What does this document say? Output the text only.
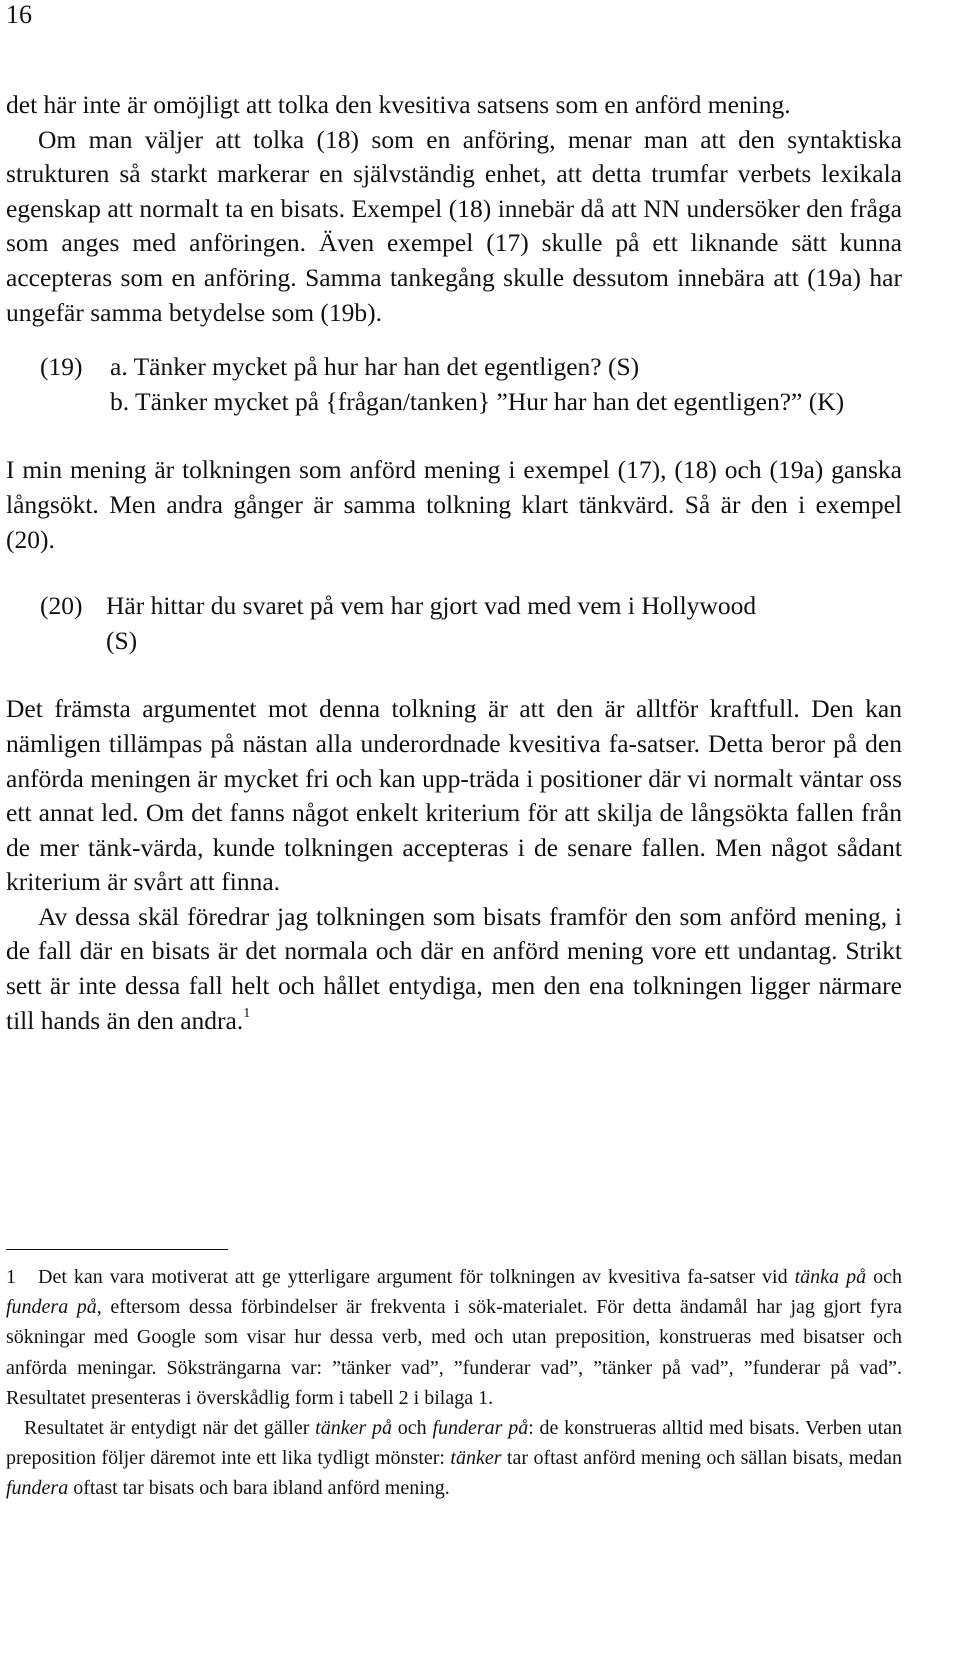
16

det här inte är omöjligt att tolka den kvesitiva satsens som en anförd mening.

Om man väljer att tolka (18) som en anföring, menar man att den syntaktiska strukturen så starkt markerar en självständig enhet, att detta trumfar verbets lexikala egenskap att normalt ta en bisats. Exempel (18) innebär då att NN undersöker den fråga som anges med anföringen. Även exempel (17) skulle på ett liknande sätt kunna accepteras som en anföring. Samma tankegång skulle dessutom innebära att (19a) har ungefär samma betydelse som (19b).

(19) a. Tänker mycket på hur har han det egentligen? (S)
b. Tänker mycket på {frågan/tanken} ”Hur har han det egentligen?” (K)

I min mening är tolkningen som anförd mening i exempel (17), (18) och (19a) ganska långsökt. Men andra gånger är samma tolkning klart tänkvärd. Så är den i exempel (20).

(20) Här hittar du svaret på vem har gjort vad med vem i Hollywood (S)

Det främsta argumentet mot denna tolkning är att den är alltför kraftfull. Den kan nämligen tillämpas på nästan alla underordnade kvesitiva fa-satser. Detta beror på den anförda meningen är mycket fri och kan upp-träda i positioner där vi normalt väntar oss ett annat led. Om det fanns något enkelt kriterium för att skilja de långsökta fallen från de mer tänk-värda, kunde tolkningen accepteras i de senare fallen. Men något sådant kriterium är svårt att finna.

Av dessa skäl föredrar jag tolkningen som bisats framför den som anförd mening, i de fall där en bisats är det normala och där en anförd mening vore ett undantag. Strikt sett är inte dessa fall helt och hållet entydiga, men den ena tolkningen ligger närmare till hands än den andra.$^1$

1 Det kan vara motiverat att ge ytterligare argument för tolkningen av kvesitiva fa-satser vid tänka på och fundera på, eftersom dessa förbindelser är frekventa i sök-materialet. För detta ändamål har jag gjort fyra sökningar med Google som visar hur dessa verb, med och utan preposition, konstrueras med bisatser och anförda meningar. Söksträngarna var: ”tänker vad”, ”funderar vad”, ”tänker på vad”, ”funderar på vad”. Resultatet presenteras i överskådlig form i tabell 2 i bilaga 1.

Resultatet är entydigt när det gäller tänker på och funderar på: de konstrueras alltid med bisats. Verben utan preposition följer däremot inte ett lika tydligt mönster: tänker tar oftast anförd mening och sällan bisats, medan fundera oftast tar bisats och bara ibland anförd mening.
